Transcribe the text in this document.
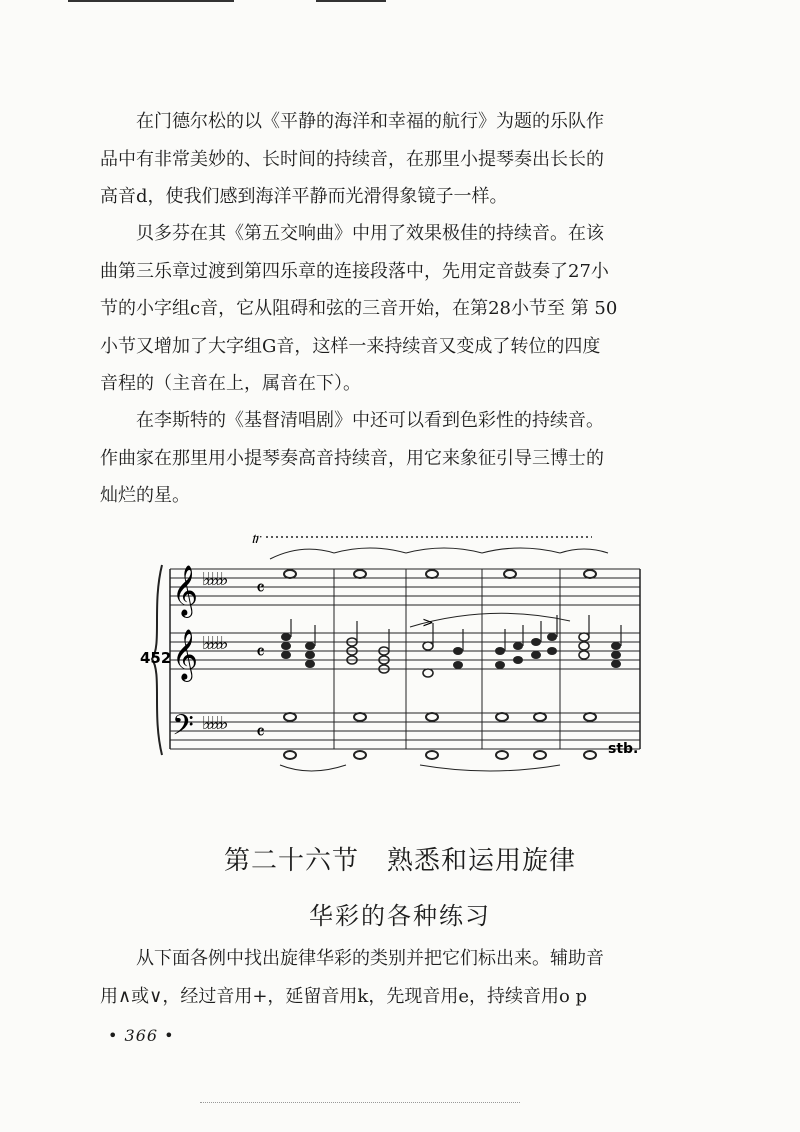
在门德尔松的以《平静的海洋和幸福的航行》为题的乐队作
品中有非常美妙的、长时间的持续音，在那里小提琴奏出长长的
高音d，使我们感到海洋平静而光滑得象镜子一样。

贝多芬在其《第五交响曲》中用了效果极佳的持续音。在该
曲第三乐章过渡到第四乐章的连接段落中，先用定音鼓奏了27小
节的小字组c音，它从阻碍和弦的三音开始，在第28小节至 第 50
小节又增加了大字组G音，这样一来持续音又变成了转位的四度
音程的（主音在上，属音在下）。

在李斯特的《基督清唱剧》中还可以看到色彩性的持续音。
作曲家在那里用小提琴奏高音持续音，用它来象征引导三博士的
灿烂的星。

𝄞
𝄞
𝄢
♭♭♭♭♭
♭♭♭♭♭
♭♭♭♭♭
𝄴
𝄴
𝄴
𝆖
>
452
stb.
第二十六节 熟悉和运用旋律
华彩的各种练习

从下面各例中找出旋律华彩的类别并把它们标出来。辅助音
用∧或∨，经过音用+，延留音用k，先现音用e，持续音用o p

• 366 •
